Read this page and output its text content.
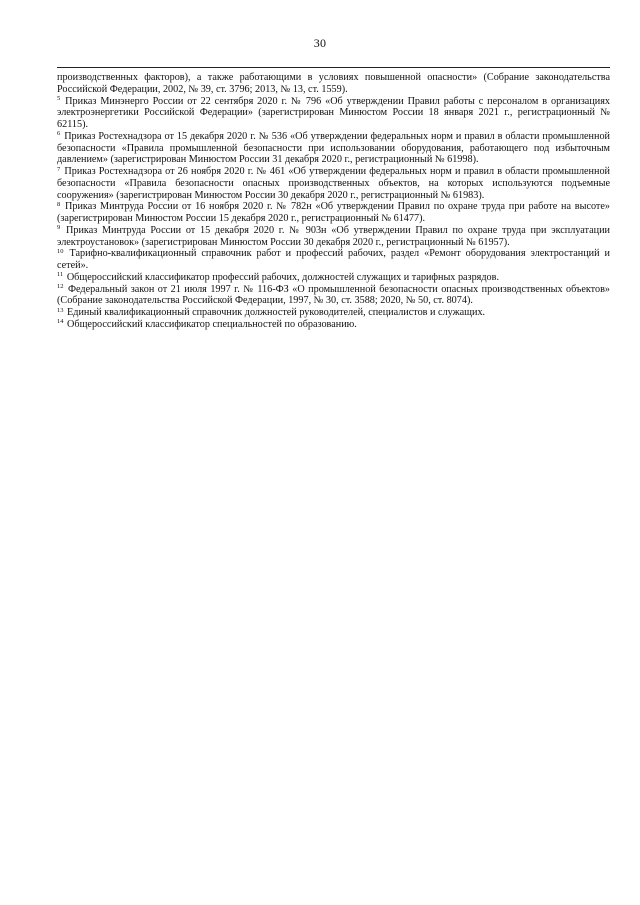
30

производственных факторов), а также работающими в условиях повышенной опасности» (Собрание законодательства Российской Федерации, 2002, № 39, ст. 3796; 2013, № 13, ст. 1559).

$^5$ Приказ Минэнерго России от 22 сентября 2020 г. № 796 «Об утверждении Правил работы с персоналом в организациях электроэнергетики Российской Федерации» (зарегистрирован Минюстом России 18 января 2021 г., регистрационный № 62115).

$^6$ Приказ Ростехнадзора от 15 декабря 2020 г. № 536 «Об утверждении федеральных норм и правил в области промышленной безопасности «Правила промышленной безопасности при использовании оборудования, работающего под избыточным давлением» (зарегистрирован Минюстом России 31 декабря 2020 г., регистрационный № 61998).

$^7$ Приказ Ростехнадзора от 26 ноября 2020 г. № 461 «Об утверждении федеральных норм и правил в области промышленной безопасности «Правила безопасности опасных производственных объектов, на которых используются подъемные сооружения» (зарегистрирован Минюстом России 30 декабря 2020 г., регистрационный № 61983).

$^8$ Приказ Минтруда России от 16 ноября 2020 г. № 782н «Об утверждении Правил по охране труда при работе на высоте» (зарегистрирован Минюстом России 15 декабря 2020 г., регистрационный № 61477).

$^9$ Приказ Минтруда России от 15 декабря 2020 г. № 903н «Об утверждении Правил по охране труда при эксплуатации электроустановок» (зарегистрирован Минюстом России 30 декабря 2020 г., регистрационный № 61957).

$^{10}$ Тарифно-квалификационный справочник работ и профессий рабочих, раздел «Ремонт оборудования электростанций и сетей».

$^{11}$ Общероссийский классификатор профессий рабочих, должностей служащих и тарифных разрядов.

$^{12}$ Федеральный закон от 21 июля 1997 г. № 116-ФЗ «О промышленной безопасности опасных производственных объектов» (Собрание законодательства Российской Федерации, 1997, № 30, ст. 3588; 2020, № 50, ст. 8074).

$^{13}$ Единый квалификационный справочник должностей руководителей, специалистов и служащих.

$^{14}$ Общероссийский классификатор специальностей по образованию.
